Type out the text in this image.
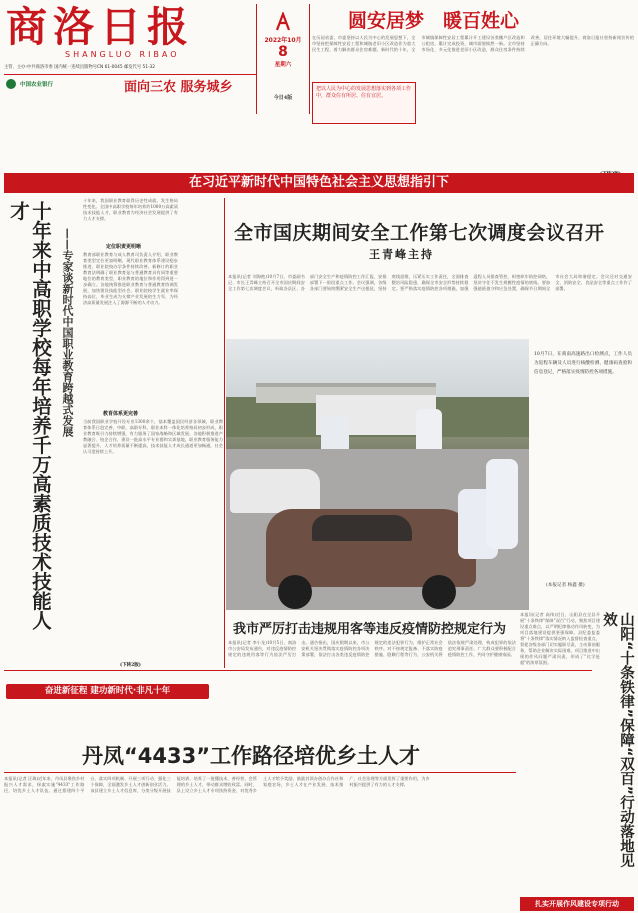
商洛日报
SHANGLUO RIBAO
主管、主办:中共商洛市委 国内统一连续出版物号CN 61-0045 邮发代号 51-32
2022年10月
8
星期六
今日4版
中国农业银行	面向三农 服务城乡
圆安居梦　暖百姓心
在历届省委、市委坚持以人民为中心的发展思想下，全市坚持把保障性安居工程和城镇老旧小区改造作为重大民生工程，着力解决群众住房难题。新时代的十年，全市城镇保障性安居工程累计开工建设各类棚户区改造和公租房，累计完成投资，城市面貌焕然一新。全市坚持市场化、多元化推进老旧小区改造，群众住房条件持续改善，居住环境大幅提升。商洛日报社坚持新闻宣传的正确方向。
把以人民为中心的发展思想落实到各项工作中，群众住有所居、住有宜居。
在习近平新时代中国特色社会主义思想指引下
十年来中高职学校每年培养千万高素质技术技能人才
——专家谈新时代中国职业教育跨越式发展
十年来，我国职业教育取得历史性成就、发生格局性变化。全国中高职学校每年培养约1000万高素质技术技能人才，职业教育为经济社会发展提供了有力人才支撑。
定位职责更明晰
教育部职业教育与成人教育司负责人介绍，职业教育类型定位更加明晰，现代职业教育体系建设稳步推进，职业院校办学条件持续改善。新修订的职业教育法明确了职业教育是与普通教育具有同等重要地位的教育类型，职业教育的地位和作用得到进一步确立。各地统筹推进职业教育与普通教育协调发展，加快建设技能型社会，职业院校学生就业率保持高位，毕业生成为支撑产业发展的生力军，为经济高质量发展注入了源源不断的人才动力。
教育体系更完善
当前我国职业学校开设专业1300余个，基本覆盖国民经济各领域，职业教育体系日趋完善，中职、高职专科、职业本科一体化培养格局初步形成，职业教育吸引力持续增强，有力服务了国家战略和区域发展。各地积极推进产教融合、校企合作，建设一批高水平专业群和实训基地，职业教育服务能力显著提升，人才培养质量不断提高，技术技能人才成长通道更加畅通，社会认可度持续上升。
(下转2版)
全市国庆期间安全工作第七次调度会议召开
王青峰主持
本报讯(记者 刘海艳)10月7日，市委副书记、市长王青峰主持召开全市国庆期间安全工作第七次调度会议，听取各县区、各部门安全生产和疫情防控工作汇报，安排部署下一阶段重点工作。会议强调，各级各部门要始终绷紧安全生产这根弦，坚持底线思维，压紧压实工作责任，全面排查整治风险隐患，确保全市安全形势持续稳定。要严格落实疫情防控各项措施，加强返程人员排查管控，织密织牢防控网络，坚决守住不发生规模性疫情的底线。要加强值班值守和应急处置，确保节日期间全市社会大局和谐稳定。会议还对交通安全、消防安全、食品安全等重点工作作了部署。
10月7日，在商南高速路出口检测点，工作人员为返程车辆及人员进行核酸检测、健康码查验和信息登记，严格落实疫情防控各项措施。
(本报记者 杨鑫 摄)
我市严厉打击违规用客等违反疫情防控规定行为
本报讯(记者 李小龙)10月5日，商洛市公安局发布通告，对违反疫情防控规定的违规用客等行为依法严厉打击。通告指出，国庆假期以来，市公安机关坚决贯彻落实疫情防控各项决策部署，依法打击各类违反疫情防控规定的违法犯罪行为，维护正常社会秩序。对不按规定报备、不落实防疫措施、隐瞒行程等行为，公安机关将依法依规严肃处理，构成犯罪的依法追究刑事责任。广大群众要积极配合疫情防控工作，共同守护健康家园。
奋进新征程 建功新时代·非凡十年
本报讯(记者 高伟)近日，山阳县在全县开展"十条铁律"保障"双百"行动，聚焦项目建设重点难点，以严明纪律推动作风转变，为项目落地建设提供坚强保障。县纪委监委将"十条铁律"落实情况纳入监督检查重点，督促各级各部门切实履职尽责，主动靠前服务，帮助企业解决实际困难，项目推进中出现的作风问题严肃问责，形成了"比学赶超"的浓厚氛围。	山阳“十条铁律”保障“双百”行动落地见效
丹凤“4433”工作路径培优乡土人才
本报讯(记者 汪珠)近年来，丹凤县聚焦乡村振兴人才需求，探索实施"4433"工作路径，培优乡土人才队伍。通过搭建四个平台、落实四项机制、开展三项行动、强化三个保障，全面激发乡土人才创新创业活力。该县建立乡土人才信息库，分类分级开展技能培训，培养了一批懂技术、善经营、会管理的乡土人才，带动群众增收致富。同时，县上设立乡土人才专项扶持资金，对优秀乡土人才给予奖励，鼓励其领办创办合作社和家庭农场，乡土人才在产业发展、技术推广、社会治理等方面发挥了重要作用，为乡村振兴提供了有力的人才支撑。
扎实开展作风建设专项行动
